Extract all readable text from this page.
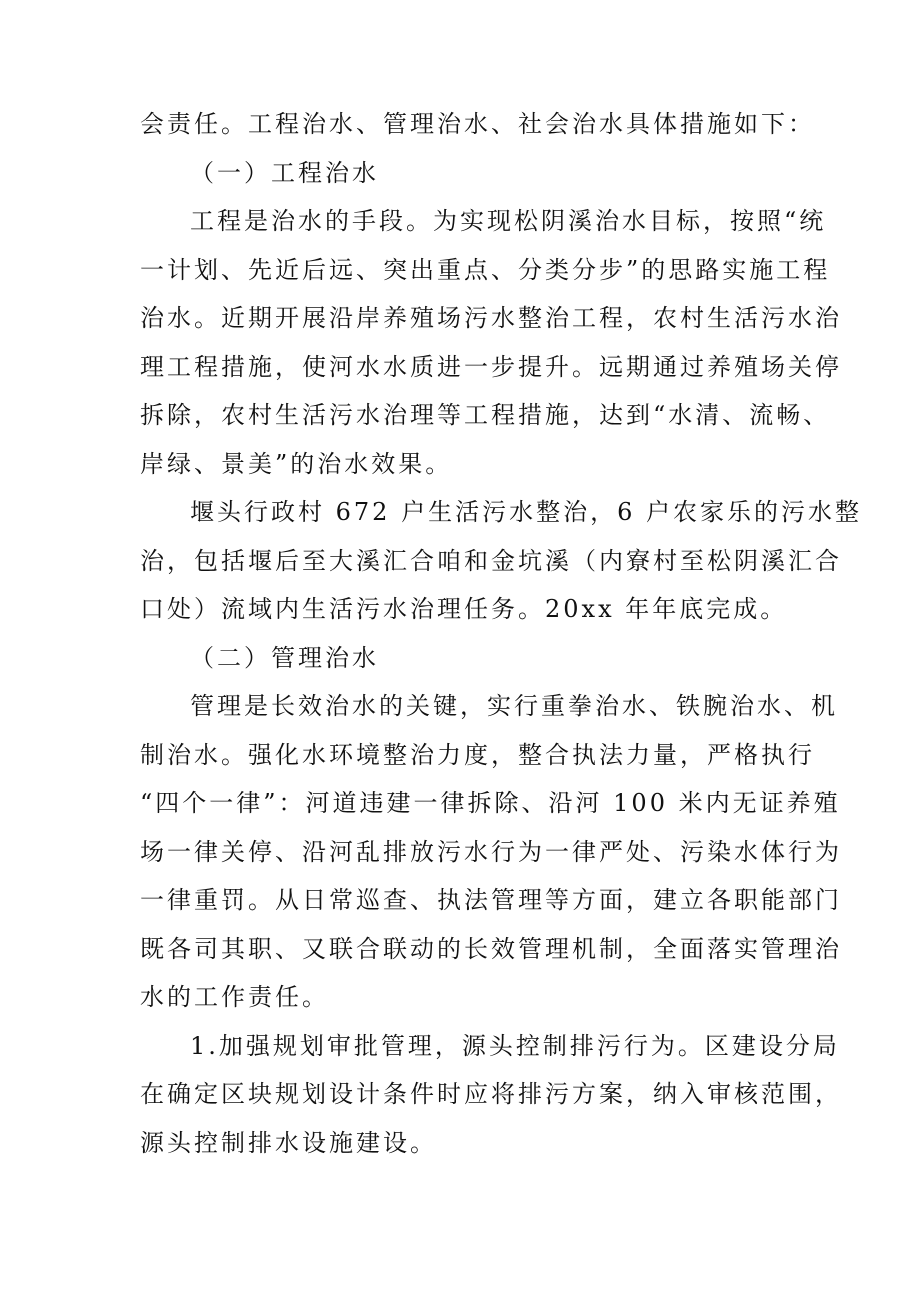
会责任。工程治水、管理治水、社会治水具体措施如下：
（一）工程治水
工程是治水的手段。为实现松阴溪治水目标，按照“统
一计划、先近后远、突出重点、分类分步”的思路实施工程
治水。近期开展沿岸养殖场污水整治工程，农村生活污水治
理工程措施，使河水水质进一步提升。远期通过养殖场关停
拆除，农村生活污水治理等工程措施，达到“水清、流畅、
岸绿、景美”的治水效果。
堰头行政村 672 户生活污水整治，6 户农家乐的污水整
治，包括堰后至大溪汇合咱和金坑溪（内寮村至松阴溪汇合
口处）流域内生活污水治理任务。20xx 年年底完成。
（二）管理治水
管理是长效治水的关键，实行重拳治水、铁腕治水、机
制治水。强化水环境整治力度，整合执法力量，严格执行
“四个一律”：河道违建一律拆除、沿河 100 米内无证养殖
场一律关停、沿河乱排放污水行为一律严处、污染水体行为
一律重罚。从日常巡查、执法管理等方面，建立各职能部门
既各司其职、又联合联动的长效管理机制，全面落实管理治
水的工作责任。
1.加强规划审批管理，源头控制排污行为。区建设分局
在确定区块规划设计条件时应将排污方案，纳入审核范围，
源头控制排水设施建设。
